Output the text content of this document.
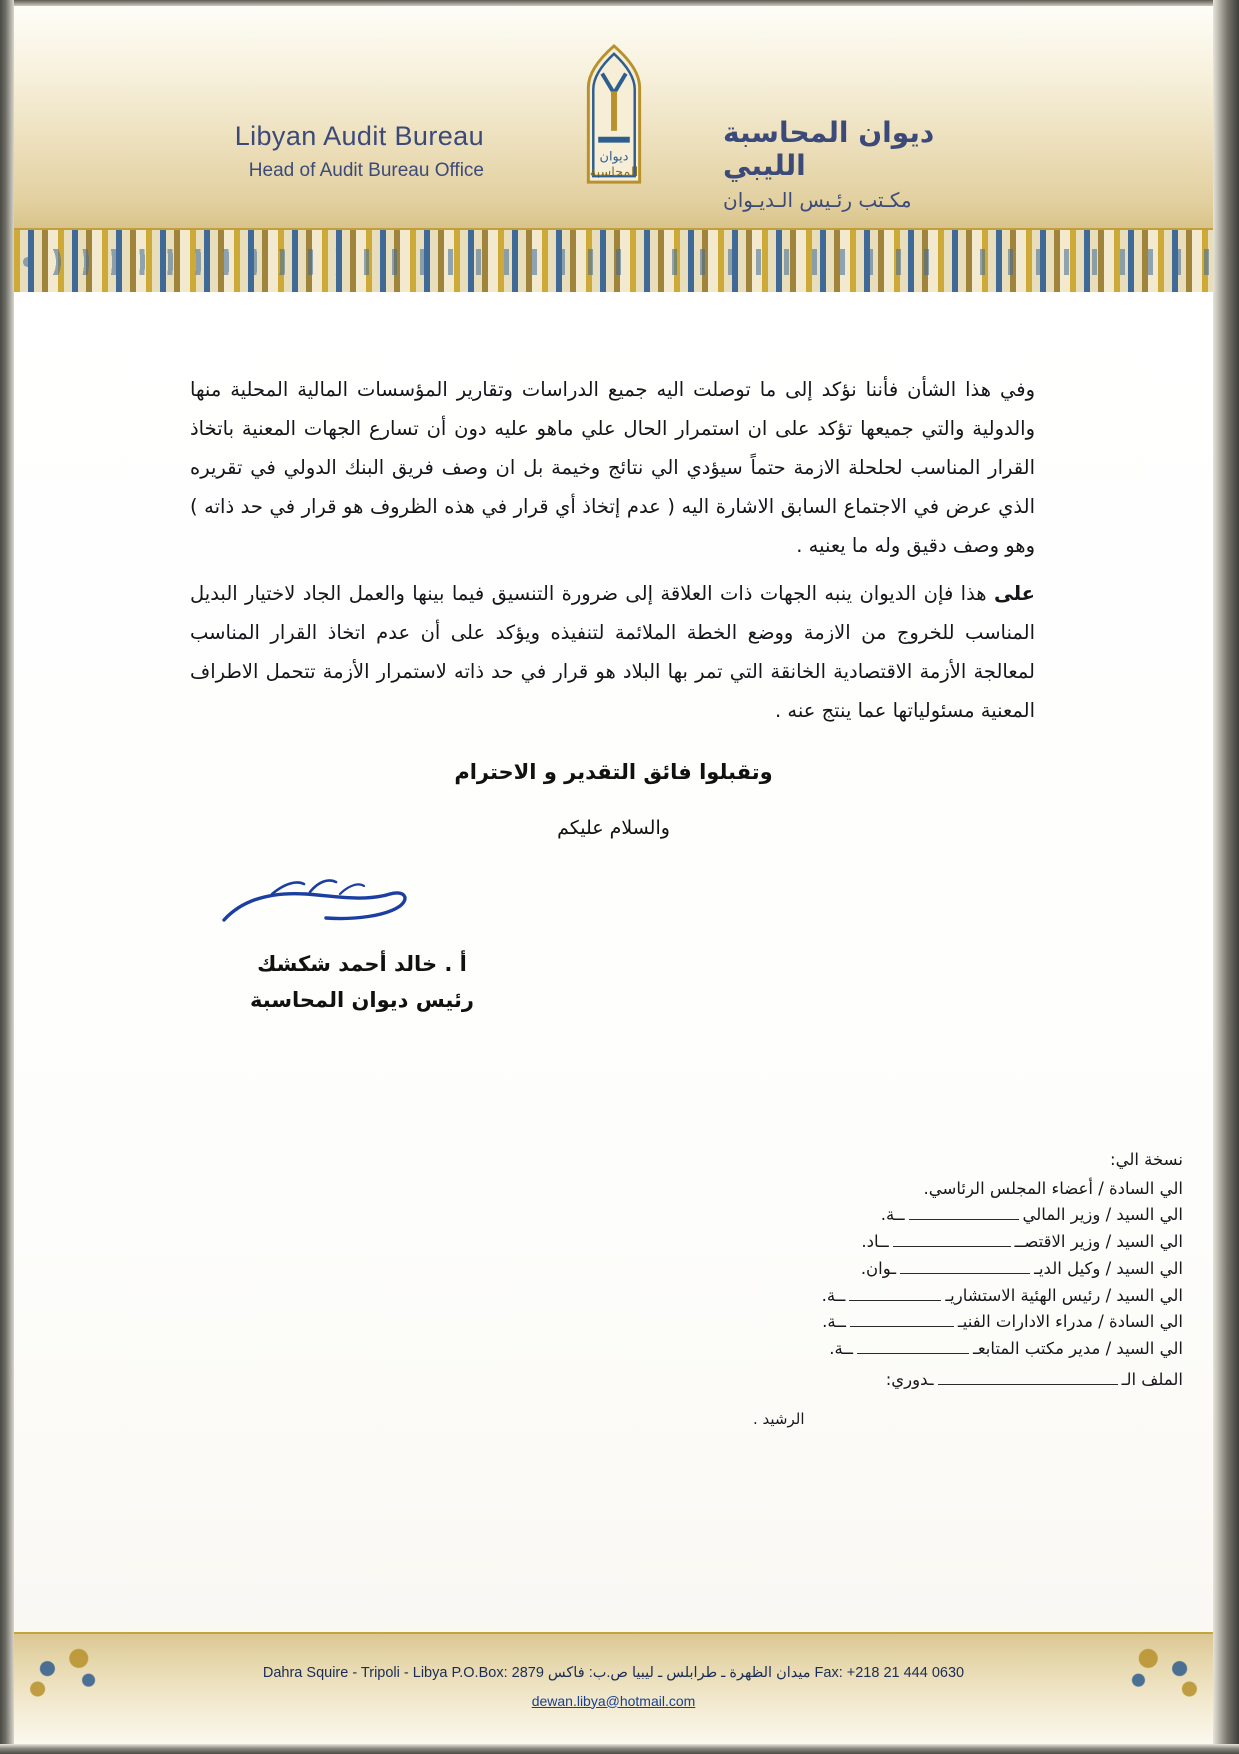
Libyan Audit Bureau
Head of Audit Bureau Office
ديوان
المحاسبة
ديوان المحاسبة الليبي
مكـتب رئـيس الـديـوان
وفي هذا الشأن فأننا نؤكد إلى ما توصلت اليه جميع الدراسات وتقارير المؤسسات المالية المحلية منها والدولية والتي جميعها تؤكد على ان استمرار الحال علي ماهو عليه دون أن تسارع الجهات المعنية باتخاذ القرار المناسب لحلحلة الازمة حتماً سيؤدي الي نتائج وخيمة بل ان وصف فريق البنك الدولي في تقريره الذي عرض في الاجتماع السابق الاشارة اليه ( عدم إتخاذ أي قرار في هذه الظروف هو قرار في حد ذاته ) وهو وصف دقيق وله ما يعنيه .
على هذا فإن الديوان ينبه الجهات ذات العلاقة إلى ضرورة التنسيق فيما بينها والعمل الجاد لاختيار البديل المناسب للخروج من الازمة ووضع الخطة الملائمة لتنفيذه ويؤكد على أن عدم اتخاذ القرار المناسب لمعالجة الأزمة الاقتصادية الخانقة التي تمر بها البلاد هو قرار في حد ذاته لاستمرار الأزمة تتحمل الاطراف المعنية مسئولياتها عما ينتج عنه .
وتقبلوا فائق التقدير و الاحترام
والسلام عليكم
أ . خالد أحمد شكشك
رئيس ديوان المحاسبة
نسخة الي:
الي السادة / أعضاء المجلس الرئاسي.
الي السيد / وزير الماليــة.
الي السيد / وزير الاقتصــــاد.
الي السيد / وكيل الديــوان.
الي السيد / رئيس الهئية الاستشاريـــة.
الي السادة / مدراء الادارات الفنيـــة.
الي السيد / مدير مكتب المتابعـــة.
الملف الــدوري:
الرشيد .
Dahra Squire - Tripoli - Libya P.O.Box: 2879	ميدان الظهرة ـ طرابلس ـ ليبيا ص.ب: فاكس	Fax: +218 21 444 0630
dewan.libya@hotmail.com
